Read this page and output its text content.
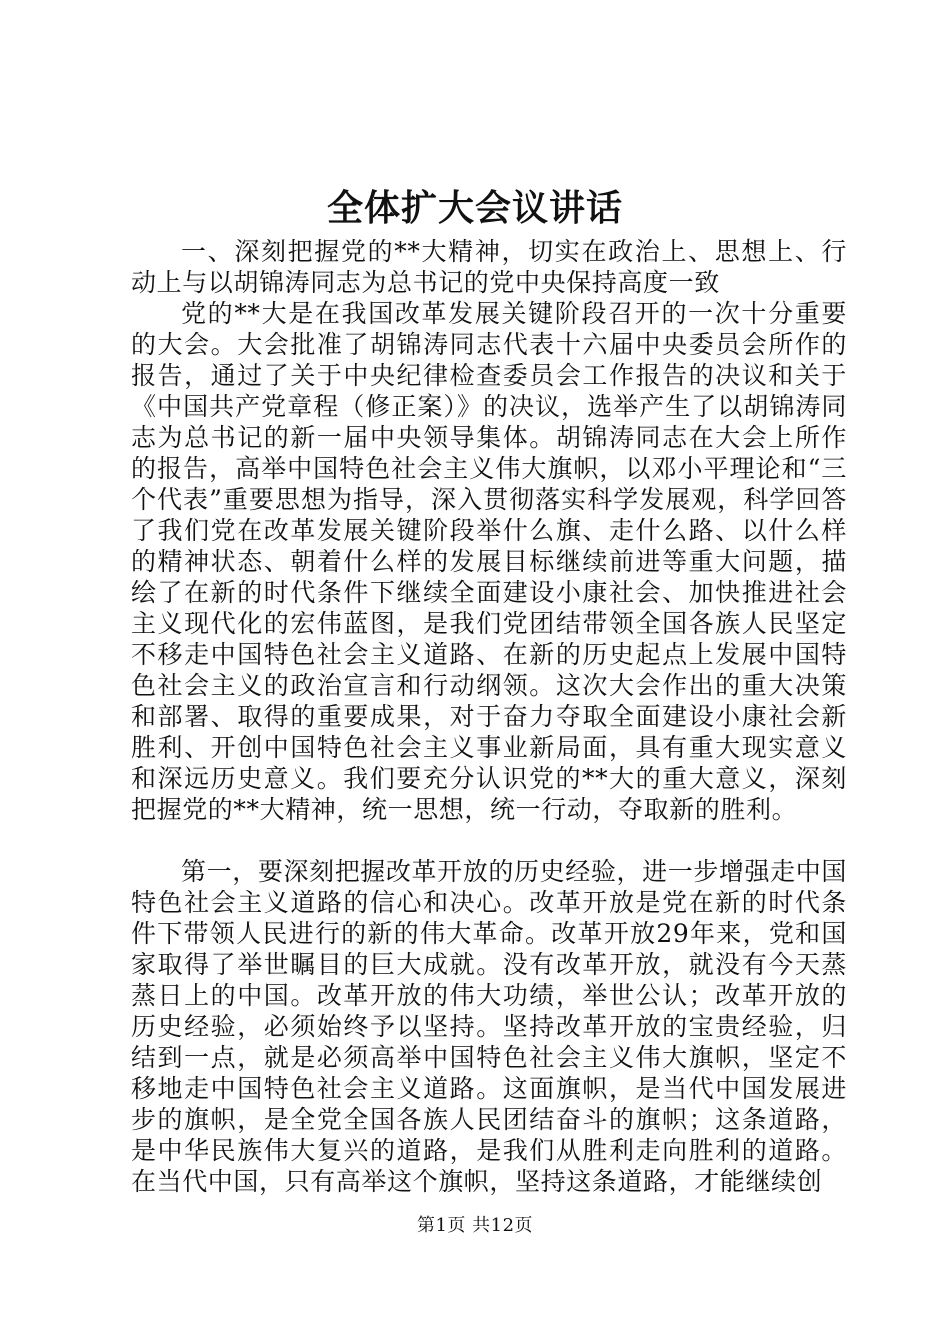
全体扩大会议讲话

一、深刻把握党的**大精神，切实在政治上、思想上、行动上与以胡锦涛同志为总书记的党中央保持高度一致

党的**大是在我国改革发展关键阶段召开的一次十分重要的大会。大会批准了胡锦涛同志代表十六届中央委员会所作的报告，通过了关于中央纪律检查委员会工作报告的决议和关于《中国共产党章程（修正案）》的决议，选举产生了以胡锦涛同志为总书记的新一届中央领导集体。胡锦涛同志在大会上所作的报告，高举中国特色社会主义伟大旗帜，以邓小平理论和“三个代表”重要思想为指导，深入贯彻落实科学发展观，科学回答了我们党在改革发展关键阶段举什么旗、走什么路、以什么样的精神状态、朝着什么样的发展目标继续前进等重大问题，描绘了在新的时代条件下继续全面建设小康社会、加快推进社会主义现代化的宏伟蓝图，是我们党团结带领全国各族人民坚定不移走中国特色社会主义道路、在新的历史起点上发展中国特色社会主义的政治宣言和行动纲领。这次大会作出的重大决策和部署、取得的重要成果，对于奋力夺取全面建设小康社会新胜利、开创中国特色社会主义事业新局面，具有重大现实意义和深远历史意义。我们要充分认识党的**大的重大意义，深刻把握党的**大精神，统一思想，统一行动，夺取新的胜利。

第一，要深刻把握改革开放的历史经验，进一步增强走中国特色社会主义道路的信心和决心。改革开放是党在新的时代条件下带领人民进行的新的伟大革命。改革开放29年来，党和国家取得了举世瞩目的巨大成就。没有改革开放，就没有今天蒸蒸日上的中国。改革开放的伟大功绩，举世公认；改革开放的历史经验，必须始终予以坚持。坚持改革开放的宝贵经验，归结到一点，就是必须高举中国特色社会主义伟大旗帜，坚定不移地走中国特色社会主义道路。这面旗帜，是当代中国发展进步的旗帜，是全党全国各族人民团结奋斗的旗帜；这条道路，是中华民族伟大复兴的道路，是我们从胜利走向胜利的道路。在当代中国，只有高举这个旗帜，坚持这条道路，才能继续创

第1页 共12页
